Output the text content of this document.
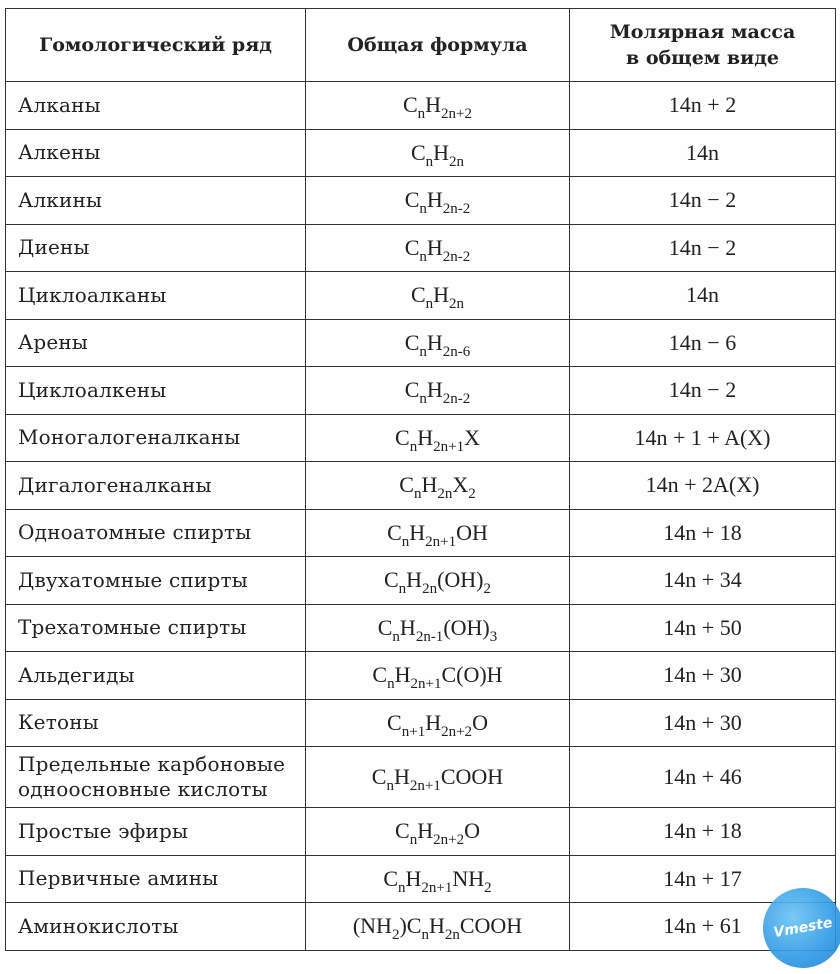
Гомологический ряд	Общая формула	Молярная масса
в общем виде
Алканы	$C_nH_{2n+2}$	14n + 2
Алкены	$C_nH_{2n}$	14n
Алкины	$C_nH_{2n-2}$	14n − 2
Диены	$C_nH_{2n-2}$	14n − 2
Циклоалканы	$C_nH_{2n}$	14n
Арены	$C_nH_{2n-6}$	14n − 6
Циклоалкены	$C_nH_{2n-2}$	14n − 2
Моногалогеналканы	$C_nH_{2n+1}X$	14n + 1 + A(X)
Дигалогеналканы	$C_nH_{2n}X_2$	14n + 2A(X)
Одноатомные спирты	$C_nH_{2n+1}OH$	14n + 18
Двухатомные спирты	$C_nH_{2n}(OH)_2$	14n + 34
Трехатомные спирты	$C_nH_{2n-1}(OH)_3$	14n + 50
Альдегиды	$C_nH_{2n+1}C(O)H$	14n + 30
Кетоны	$C_{n+1}H_{2n+2}O$	14n + 30
Предельные карбоновые одноосновные кислоты	$C_nH_{2n+1}COOH$	14n + 46
Простые эфиры	$C_nH_{2n+2}O$	14n + 18
Первичные амины	$C_nH_{2n+1}NH_2$	14n + 17
Аминокислоты	$(NH_2)C_nH_{2n}COOH$	14n + 61	Vmeste
